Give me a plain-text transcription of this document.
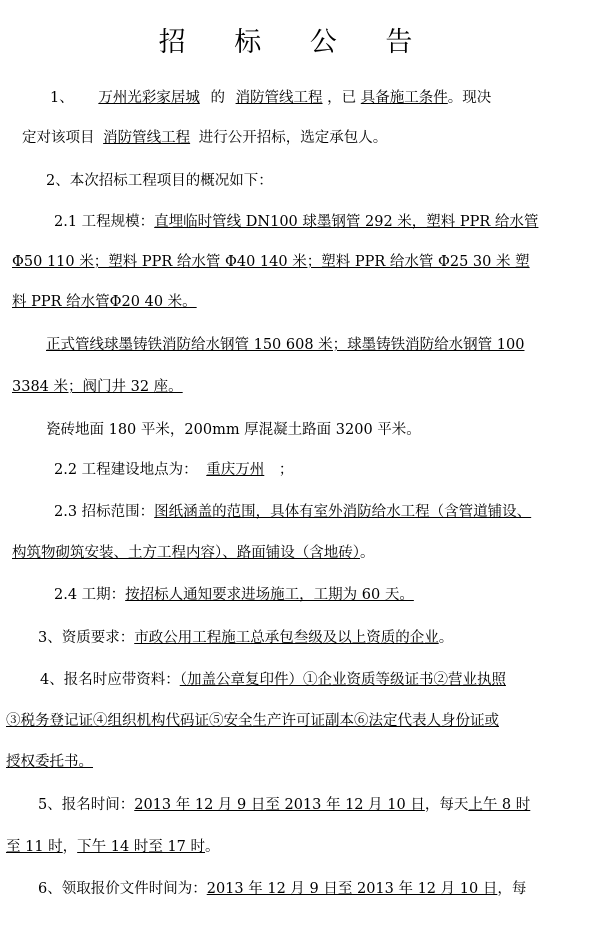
招 标 公 告
1、 万州光彩家居城 的 消防管线工程 ，已 具备施工条件。现决
定对该项目 消防管线工程 进行公开招标，选定承包人。
2、本次招标工程项目的概况如下：
2.1 工程规模：直埋临时管线 DN100 球墨钢管 292 米，塑料 PPR 给水管
Φ50 110 米；塑料 PPR 给水管 Φ40 140 米；塑料 PPR 给水管 Φ25 30 米 塑
料 PPR 给水管Φ20 40 米。
正式管线球墨铸铁消防给水钢管 150 608 米；球墨铸铁消防给水钢管 100
3384 米；阀门井 32 座。
瓷砖地面 180 平米，200mm 厚混凝土路面 3200 平米。
2.2 工程建设地点为： 重庆万州 ；
2.3 招标范围：图纸涵盖的范围，具体有室外消防给水工程（含管道铺设、
构筑物砌筑安装、土方工程内容）、路面铺设（含地砖）。
2.4 工期：按招标人通知要求进场施工，工期为 60 天。
3、资质要求：市政公用工程施工总承包叁级及以上资质的企业。
4、报名时应带资料：（加盖公章复印件）①企业资质等级证书②营业执照
③税务登记证④组织机构代码证⑤安全生产许可证副本⑥法定代表人身份证或
授权委托书。
5、报名时间：2013 年 12 月 9 日至 2013 年 12 月 10 日，每天上午 8 时
至 11 时，下午 14 时至 17 时。
6、领取报价文件时间为：2013 年 12 月 9 日至 2013 年 12 月 10 日，每
